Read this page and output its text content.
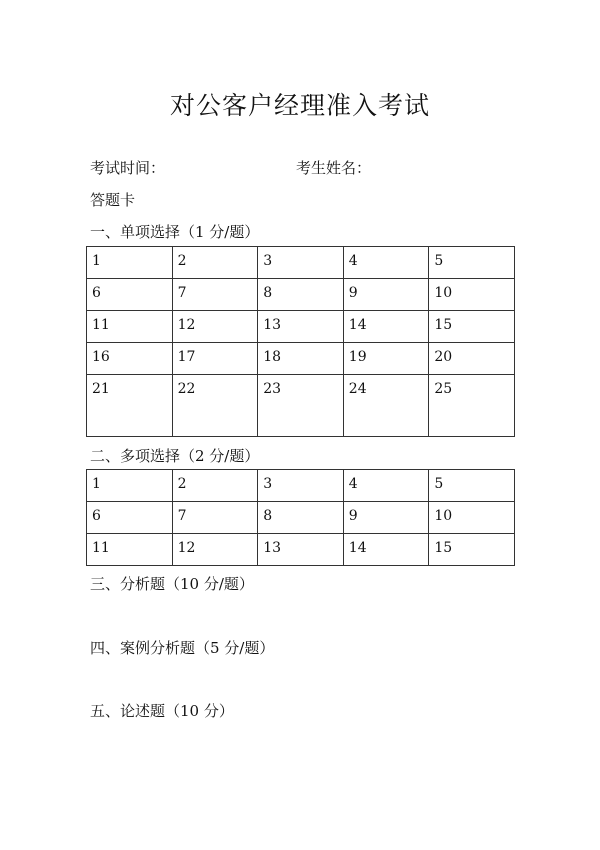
对公客户经理准入考试
考试时间：	考生姓名：
答题卡
一、单项选择（1 分/题）
1	2	3	4	5
6	7	8	9	10
11	12	13	14	15
16	17	18	19	20
21	22	23	24	25
二、多项选择（2 分/题）
1	2	3	4	5
6	7	8	9	10
11	12	13	14	15
三、分析题（10 分/题）
四、案例分析题（5 分/题）
五、论述题（10 分）
